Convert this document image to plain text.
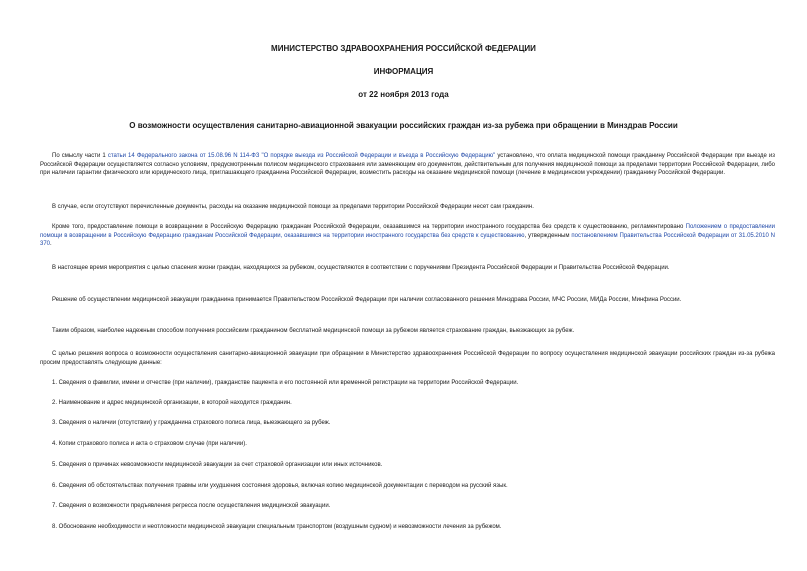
МИНИСТЕРСТВО ЗДРАВООХРАНЕНИЯ РОССИЙСКОЙ ФЕДЕРАЦИИ
ИНФОРМАЦИЯ
от 22 ноября 2013 года
О возможности осуществления санитарно-авиационной эвакуации российских граждан из-за рубежа при обращении в Минздрав России
По смыслу части 1 статьи 14 Федерального закона от 15.08.96 N 114-ФЗ "О порядке выезда из Российской Федерации и въезда в Российскую Федерацию" установлено, что оплата медицинской помощи гражданину Российской Федерации при выезде из Российской Федерации осуществляется согласно условиям, предусмотренным полисом медицинского страхования или заменяющим его документом, действительным для получения медицинской помощи за пределами территории Российской Федерации, либо при наличии гарантии физического или юридического лица, приглашающего гражданина Российской Федерации, возместить расходы на оказание медицинской помощи (лечение в медицинском учреждении) гражданину Российской Федерации.
В случае, если отсутствуют перечисленные документы, расходы на оказание медицинской помощи за пределами территории Российской Федерации несет сам гражданин.
Кроме того, предоставление помощи в возвращении в Российскую Федерацию гражданам Российской Федерации, оказавшимся на территории иностранного государства без средств к существованию, регламентировано Положением о предоставлении помощи в возвращении в Российскую Федерацию гражданам Российской Федерации, оказавшимся на территории иностранного государства без средств к существованию, утвержденным постановлением Правительства Российской Федерации от 31.05.2010 N 370.
В настоящее время мероприятия с целью спасения жизни граждан, находящихся за рубежом, осуществляются в соответствии с поручениями Президента Российской Федерации и Правительства Российской Федерации.
Решение об осуществлении медицинской эвакуации гражданина принимается Правительством Российской Федерации при наличии согласованного решения Минздрава России, МЧС России, МИДа России, Минфина России.
Таким образом, наиболее надежным способом получения российским гражданином бесплатной медицинской помощи за рубежом является страхование граждан, выезжающих за рубеж.
С целью решения вопроса о возможности осуществления санитарно-авиационной эвакуации при обращении в Министерство здравоохранения Российской Федерации по вопросу осуществления медицинской эвакуации российских граждан из-за рубежа просим предоставлять следующие данные:
1. Сведения о фамилии, имени и отчестве (при наличии), гражданстве пациента и его постоянной или временной регистрации на территории Российской Федерации.
2. Наименование и адрес медицинской организации, в которой находится гражданин.
3. Сведения о наличии (отсутствии) у гражданина страхового полиса лица, выезжающего за рубеж.
4. Копии страхового полиса и акта о страховом случае (при наличии).
5. Сведения о причинах невозможности медицинской эвакуации за счет страховой организации или иных источников.
6. Сведения об обстоятельствах получения травмы или ухудшения состояния здоровья, включая копию медицинской документации с переводом на русский язык.
7. Сведения о возможности предъявления регресса после осуществления медицинской эвакуации.
8. Обоснование необходимости и неотложности медицинской эвакуации специальным транспортом (воздушным судном) и невозможности лечения за рубежом.
